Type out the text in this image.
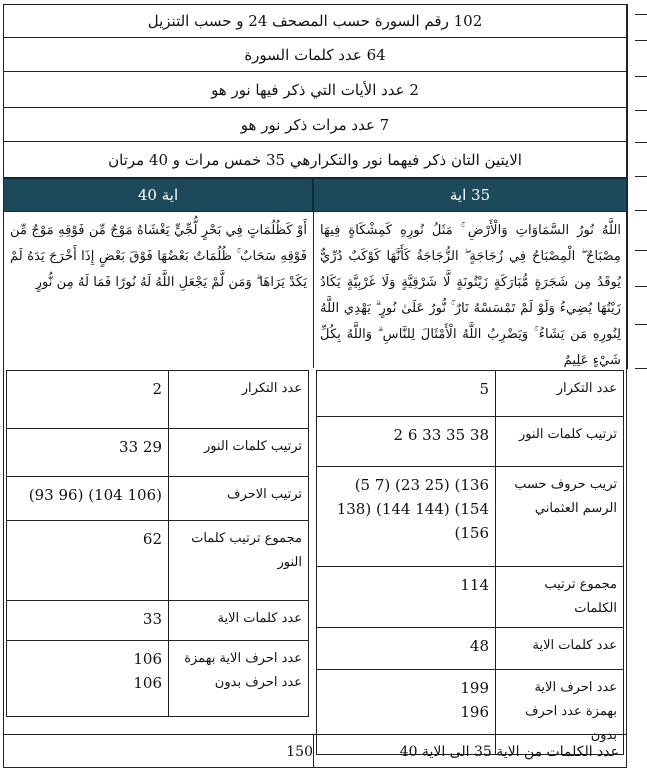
102 رقم السورة حسب المصحف 24 و حسب التنزيل
64 عدد كلمات السورة
2 عدد الأيات التي ذكر فيها نور هو
7 عدد مرات ذكر نور هو
الايتين التان ذكر فيهما نور والتكرارهي 35 خمس مرات و 40 مرتان
اية 40	35 اية
أَوْ كَظُلُمَاتٍ فِي بَحْرٍ لُّجِّيٍّ يَغْشَاهُ مَوْجٌ مِّن فَوْقِهِ مَوْجٌ مِّن فَوْقِهِ سَحَابٌ ۚ ظُلُمَاتٌ بَعْضُهَا فَوْقَ بَعْضٍ إِذَا أَخْرَجَ يَدَهُ لَمْ يَكَدْ يَرَاهَا ۗ وَمَن لَّمْ يَجْعَلِ اللَّهُ لَهُ نُورًا فَمَا لَهُ مِن نُّورٍ
اللَّهُ نُورُ السَّمَاوَاتِ وَالْأَرْضِ ۚ مَثَلُ نُورِهِ كَمِشْكَاةٍ فِيهَا مِصْبَاحٌ ۖ الْمِصْبَاحُ فِي زُجَاجَةٍ ۖ الزُّجَاجَةُ كَأَنَّهَا كَوْكَبٌ دُرِّيٌّ يُوقَدُ مِن شَجَرَةٍ مُّبَارَكَةٍ زَيْتُونَةٍ لَّا شَرْقِيَّةٍ وَلَا غَرْبِيَّةٍ يَكَادُ زَيْتُهَا يُضِيءُ وَلَوْ لَمْ تَمْسَسْهُ نَارٌ ۚ نُّورٌ عَلَىٰ نُورٍ ۗ يَهْدِي اللَّهُ لِنُورِهِ مَن يَشَاءُ ۚ وَيَضْرِبُ اللَّهُ الْأَمْثَالَ لِلنَّاسِ ۗ وَاللَّهُ بِكُلِّ شَيْءٍ عَلِيمٌ
عدد التكرار	2

ترتيب كلمات النور	29 33

ترتيب الاحرف	(106 104) (96 93)

مجموع ترتيب كلمات النور	62

عدد كلمات الاية	33

عدد احرف الاية بهمزة عدد احرف بدون	106
106
عدد التكرار	5

ترتيب كلمات النور	38 35 33 6 2

تريب حروف حسب الرسم العثماني	136) (25 23) (7 5)
154) (144 144) (138
156)

مجموع ترتيب الكلمات	114

عدد كلمات الاية	48

عدد احرف الاية بهمزة عدد احرف بدون	199
196
150	عدد الكلمات من الاية 35 الى الاية 40
